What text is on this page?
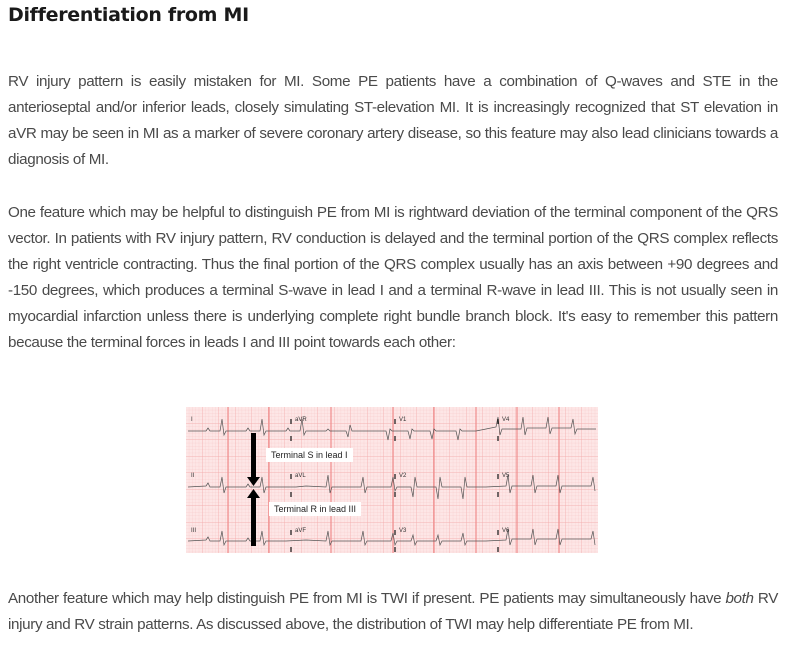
Differentiation from MI

RV injury pattern is easily mistaken for MI. Some PE patients have a combination of Q-waves and STE in the anterioseptal and/or inferior leads, closely simulating ST-elevation MI. It is increasingly recognized that ST elevation in aVR may be seen in MI as a marker of severe coronary artery disease, so this feature may also lead clinicians towards a diagnosis of MI.

One feature which may be helpful to distinguish PE from MI is rightward deviation of the terminal component of the QRS vector. In patients with RV injury pattern, RV conduction is delayed and the terminal portion of the QRS complex reflects the right ventricle contracting. Thus the final portion of the QRS complex usually has an axis between +90 degrees and -150 degrees, which produces a terminal S-wave in lead I and a terminal R-wave in lead III. This is not usually seen in myocardial infarction unless there is underlying complete right bundle branch block. It's easy to remember this pattern because the terminal forces in leads I and III point towards each other:

I	aVR	V1	V4
II	aVL	V2	V5
III	aVF	V3	V6
Terminal S in lead I
Terminal R in lead III

Another feature which may help distinguish PE from MI is TWI if present. PE patients may simultaneously have both RV injury and RV strain patterns. As discussed above, the distribution of TWI may help differentiate PE from MI.
